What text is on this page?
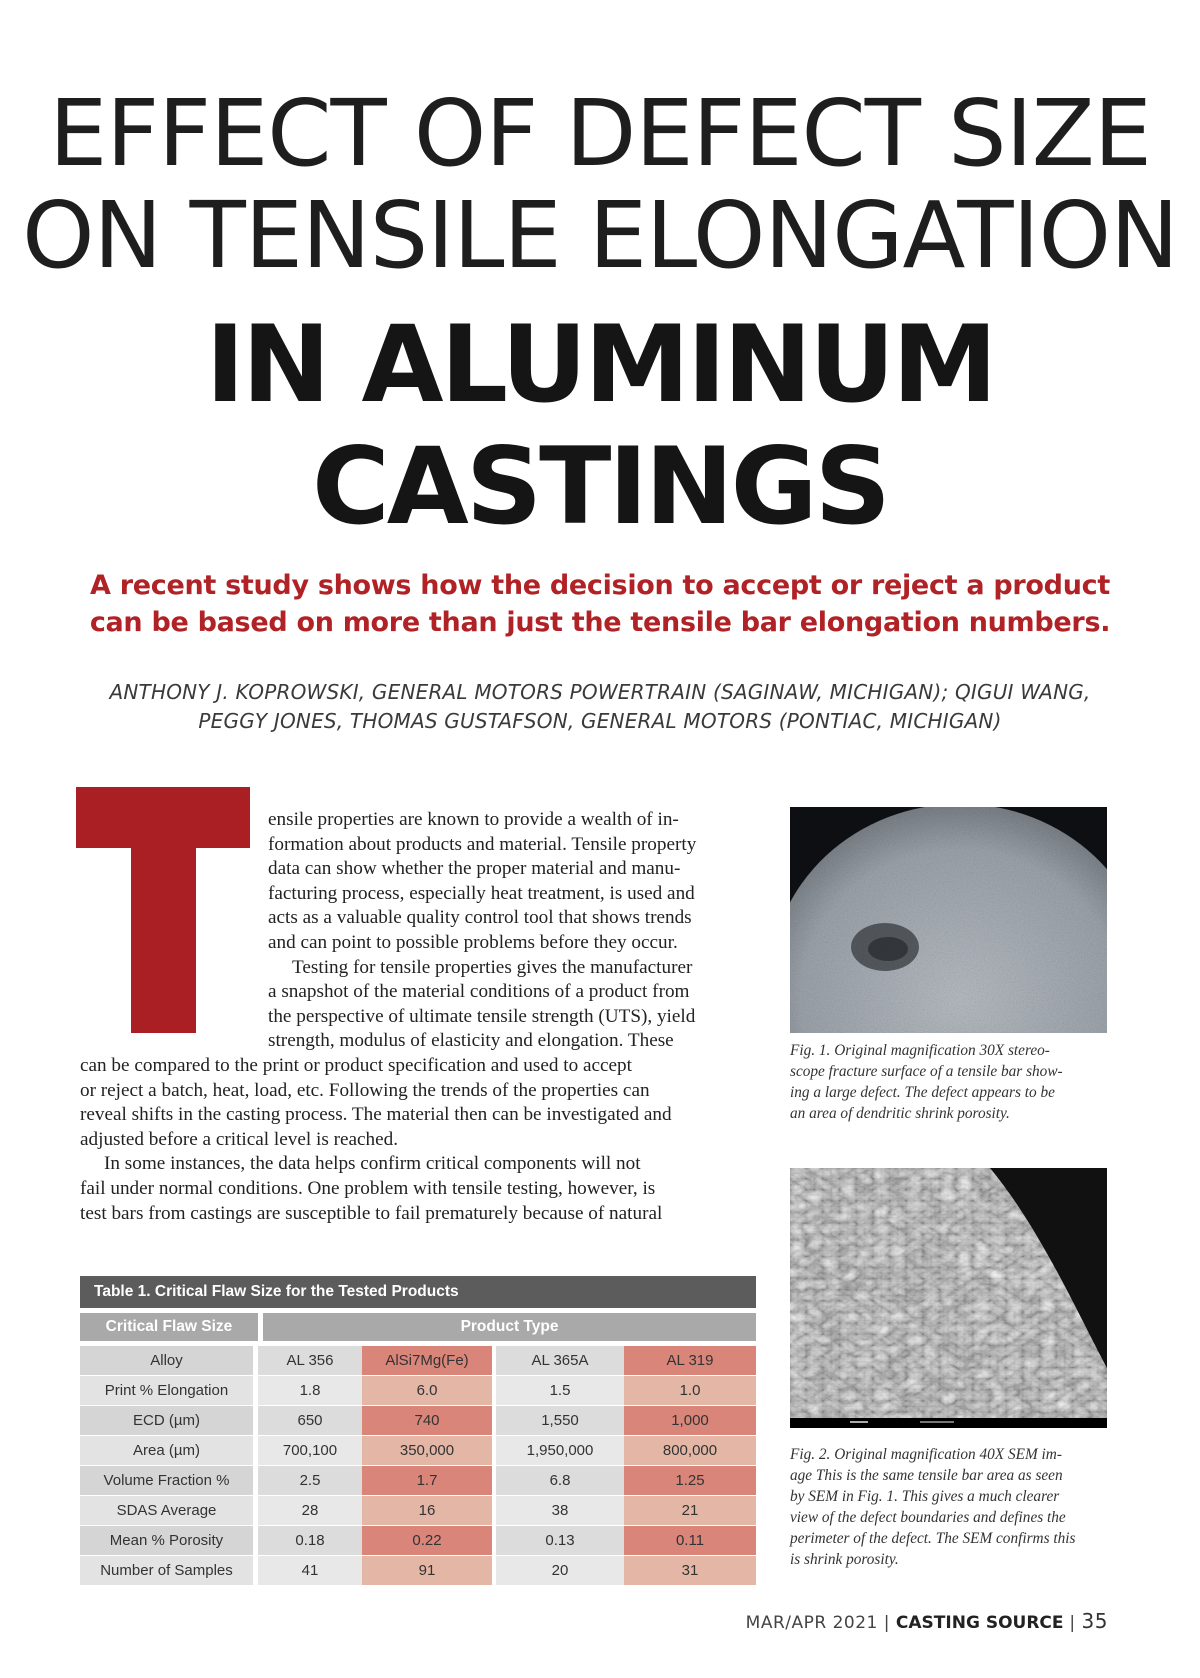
EFFECT OF DEFECT SIZE
ON TENSILE ELONGATION
IN ALUMINUM
CASTINGS
A recent study shows how the decision to accept or reject a product
can be based on more than just the tensile bar elongation numbers.
ANTHONY J. KOPROWSKI, GENERAL MOTORS POWERTRAIN (SAGINAW, MICHIGAN); QIGUI WANG,
PEGGY JONES, THOMAS GUSTAFSON, GENERAL MOTORS (PONTIAC, MICHIGAN)

ensile properties are known to provide a wealth of in-

formation about products and material. Tensile property

data can show whether the proper material and manu-

facturing process, especially heat treatment, is used and

acts as a valuable quality control tool that shows trends

and can point to possible problems before they occur.

Testing for tensile properties gives the manufacturer

a snapshot of the material conditions of a product from

the perspective of ultimate tensile strength (UTS), yield

strength, modulus of elasticity and elongation. These

can be compared to the print or product specification and used to accept

or reject a batch, heat, load, etc. Following the trends of the properties can

reveal shifts in the casting process. The material then can be investigated and

adjusted before a critical level is reached.

In some instances, the data helps confirm critical components will not

fail under normal conditions. One problem with tensile testing, however, is

test bars from castings are susceptible to fail prematurely because of natural

Fig. 1. Original magnification 30X stereo-
scope fracture surface of a tensile bar show-
ing a large defect. The defect appears to be
an area of dendritic shrink porosity.
Fig. 2. Original magnification 40X SEM im-
age This is the same tensile bar area as seen
by SEM in Fig. 1. This gives a much clearer
view of the defect boundaries and defines the
perimeter of the defect. The SEM confirms this
is shrink porosity.
Table 1. Critical Flaw Size for the Tested Products
Critical Flaw Size	Product Type

Alloy	AL 356	AlSi7Mg(Fe)	AL 365A	AL 319
Print % Elongation	1.8	6.0	1.5	1.0
ECD (µm)	650	740	1,550	1,000
Area (µm)	700,100	350,000	1,950,000	800,000
Volume Fraction %	2.5	1.7	6.8	1.25
SDAS Average	28	16	38	21
Mean % Porosity	0.18	0.22	0.13	0.11
Number of Samples	41	91	20	31
MAR/APR 2021 | CASTING SOURCE | 35
